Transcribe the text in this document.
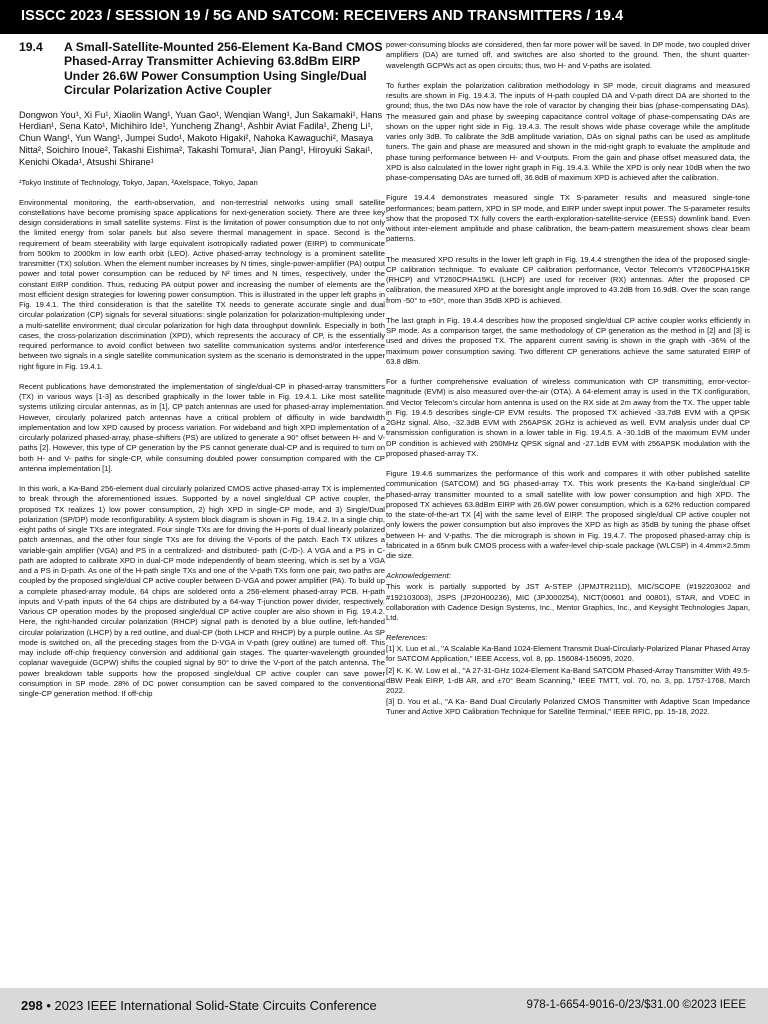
ISSCC 2023 / SESSION 19 / 5G AND SATCOM: RECEIVERS AND TRANSMITTERS / 19.4
19.4 A Small-Satellite-Mounted 256-Element Ka-Band CMOS Phased-Array Transmitter Achieving 63.8dBm EIRP Under 26.6W Power Consumption Using Single/Dual Circular Polarization Active Coupler

Dongwon You¹, Xi Fu¹, Xiaolin Wang¹, Yuan Gao¹, Wenqian Wang¹, Jun Sakamaki¹, Hans Herdian¹, Sena Kato¹, Michihiro Ide¹, Yuncheng Zhang¹, Ashbir Aviat Fadila¹, Zheng Li¹, Chun Wang¹, Yun Wang¹, Jumpei Sudo¹, Makoto Higaki², Nahoka Kawaguchi², Masaya Nitta², Soichiro Inoue², Takashi Eishima², Takashi Tomura¹, Jian Pang¹, Hiroyuki Sakai¹, Kenichi Okada¹, Atsushi Shirane¹

¹Tokyo Institute of Technology, Tokyo, Japan, ²Axelspace, Tokyo, Japan

Environmental monitoring, the earth-observation, and non-terrestrial networks using small satellite constellations have become promising space applications for next-generation society. There are three key design considerations in small satellite systems. First is the limitation of power consumption due to not only the limited energy from solar panels but also severe thermal management in space. Second is the requirement of beam steerability with large equivalent isotropically radiated power (EIRP) to communicate from 500km to 2000km in low earth orbit (LEO). Active phased-array technology is a prominent satellite transmitter (TX) solution. When the element number increases by N times, single-power-amplifier (PA) output power and total power consumption can be reduced by N² times and N times, respectively, under the constant EIRP condition. Thus, reducing PA output power and increasing the number of elements are the most efficient design strategies for lowering power consumption. This is illustrated in the upper left graphs in Fig. 19.4.1. The third consideration is that the satellite TX needs to generate accurate single and dual circular polarization (CP) signals for several situations: single polarization for polarization-multiplexing under a multi-satellite environment; dual circular polarization for high data throughput downlink. Especially in both cases, the cross-polarization discrimination (XPD), which represents the accuracy of CP, is the essentially required performance to avoid conflict between two satellite communication systems and/or interference between two signals in a single satellite communication system as the scenario is demonstrated in the upper right figure in Fig. 19.4.1.

Recent publications have demonstrated the implementation of single/dual-CP in phased-array transmitters (TX) in various ways [1-3] as described graphically in the lower table in Fig. 19.4.1. Like most satellite systems utilizing circular antennas, as in [1], CP patch antennas are used for phased-array implementation. However, circularly polarized patch antennas have a critical problem of difficulty in wide bandwidth implementation and low XPD caused by process variation. For wideband and high XPD implementation of a circularly polarized phased-array, phase-shifters (PS) are utilized to generate a 90° offset between H- and V-paths [2]. However, this type of CP generation by the PS cannot generate dual-CP and is required to turn on both H- and V- paths for single-CP, while consuming doubled power consumption compared with the CP antenna implementation [1].

In this work, a Ka-Band 256-element dual circularly polarized CMOS active phased-array TX is implemented to break through the aforementioned issues. Supported by a novel single/dual CP active coupler, the proposed TX realizes 1) low power consumption, 2) high XPD in single-CP mode, and 3) Single/Dual polarization (SP/DP) mode reconfigurability. A system block diagram is shown in Fig. 19.4.2. In a single chip, eight paths of single TXs are integrated. Four single TXs are for driving the H-ports of dual linearly polarized patch antennas, and the other four single TXs are for driving the V-ports of the patch. Each TX utilizes a variable-gain amplifier (VGA) and PS in a centralized- and distributed- path (C-/D-). A VGA and a PS in C-path are adopted to calibrate XPD in dual-CP mode independently of beam steering, which is set by a VGA and a PS in D-path. As one of the H-path single TXs and one of the V-path TXs form one pair, two paths are coupled by the proposed single/dual CP active coupler between D-VGA and power amplifier (PA). To build up a complete phased-array module, 64 chips are soldered onto a 256-element phased-array PCB. H-path inputs and V-path inputs of the 64 chips are distributed by a 64-way T-junction power divider, respectively. Various CP operation modes by the proposed single/dual CP active coupler are also shown in Fig. 19.4.2. Here, the right-handed circular polarization (RHCP) signal path is denoted by a blue outline, left-handed circular polarization (LHCP) by a red outline, and dual-CP (both LHCP and RHCP) by a purple outline. As SP mode is switched on, all the preceding stages from the D-VGA in V-path (grey outline) are turned off. This may include off-chip frequency conversion and additional gain stages. The quarter-wavelength grounded coplanar waveguide (GCPW) shifts the coupled signal by 90° to drive the V-port of the patch antenna. The power breakdown table supports how the proposed single/dual CP active coupler can save power consumption in SP mode. 28% of DC power consumption can be saved compared to the conventional single-CP generation method. If off-chip

power-consuming blocks are considered, then far more power will be saved. In DP mode, two coupled driver amplifiers (DA) are turned off, and switches are also shorted to the ground. Then, the shunt quarter-wavelength GCPWs act as open circuits; thus, two H- and V-paths are isolated.

To further explain the polarization calibration methodology in SP mode, circuit diagrams and measured results are shown in Fig. 19.4.3. The inputs of H-path coupled DA and V-path direct DA are shorted to the ground; thus, the two DAs now have the role of varactor by changing their bias (phase-compensating DAs). The measured gain and phase by sweeping capacitance control voltage of phase-compensating DAs are shown on the upper right side in Fig. 19.4.3. The result shows wide phase coverage while the amplitude varies only 3dB. To calibrate the 3dB amplitude variation, DAs on signal paths can be used as amplitude tuners. The gain and phase are measured and shown in the mid-right graph to evaluate the amplitude and phase tuning performance between H- and V-outputs. From the gain and phase offset measured data, the XPD is also calculated in the lower right graph in Fig. 19.4.3. While the XPD is only near 10dB when the two phase-compensating DAs are turned off, 36.8dB of maximum XPD is achieved after the calibration.

Figure 19.4.4 demonstrates measured single TX S-parameter results and measured single-tone performances; beam pattern, XPD in SP mode, and EIRP under swept input power. The S-parameter results show that the proposed TX fully covers the earth-exploration-satellite-service (EESS) downlink band. Even without inter-element amplitude and phase calibration, the beam-pattern measurement shows clear beam patterns.

The measured XPD results in the lower left graph in Fig. 19.4.4 strengthen the idea of the proposed single-CP calibration technique. To evaluate CP calibration performance, Vector Telecom's VT260CPHA15KR (RHCP) and VT260CPHA15KL (LHCP) are used for receiver (RX) antennas. After the proposed CP calibration, the measured XPD at the boresight angle improved to 43.2dB from 16.9dB. Over the scan range from -50° to +50°, more than 35dB XPD is achieved.

The last graph in Fig. 19.4.4 describes how the proposed single/dual CP active coupler works efficiently in SP mode. As a comparison target, the same methodology of CP generation as the method in [2] and [3] is used and drives the proposed TX. The apparent current saving is shown in the graph with -36% of the maximum power consumption saving. Two different CP generations achieve the same saturated EIRP of 63.8 dBm.

For a further comprehensive evaluation of wireless communication with CP transmitting, error-vector-magnitude (EVM) is also measured over-the-air (OTA). A 64-element array is used in the TX configuration, and Vector Telecom's circular horn antenna is used on the RX side at 2m away from the TX. The upper table in Fig. 19.4.5 describes single-CP EVM results. The proposed TX achieved -33.7dB EVM with a QPSK 2GHz signal. Also, -32.3dB EVM with 256APSK 2GHz is achieved as well. EVM analysis under dual CP transmission configuration is shown in a lower table in Fig. 19.4.5. A -30.1dB of the maximum EVM under DP condition is achieved with 250MHz QPSK signal and -27.1dB EVM with 256APSK modulation with the proposed phased-array TX.

Figure 19.4.6 summarizes the performance of this work and compares it with other published satellite communication (SATCOM) and 5G phased-array TX. This work presents the Ka-band single/dual CP phased-array transmitter mounted to a small satellite with low power consumption and high XPD. The proposed TX achieves 63.8dBm EIRP with 26.6W power consumption, which is a 62% reduction compared to the state-of-the-art TX [4] with the same level of EIRP. The proposed single/dual CP active coupler not only lowers the power consumption but also improves the XPD as high as 35dB by tuning the phase offset between H- and V-paths. The die micrograph is shown in Fig. 19.4.7. The proposed phased-array chip is fabricated in a 65nm bulk CMOS process with a wafer-level chip-scale package (WLCSP) in 4.4mm×2.5mm die size.

Acknowledgement:

This work is partially supported by JST A-STEP (JPMJTR211D), MIC/SCOPE (#192203002 and #192103003), JSPS (JP20H00236), MIC (JPJ000254), NICT(00601 and 00801), STAR, and VDEC in collaboration with Cadence Design Systems, Inc., Mentor Graphics, Inc., and Keysight Technologies Japan, Ltd.

References:

[1] X. Luo et al., "A Scalable Ka-Band 1024-Element Transmit Dual-Circularly-Polarized Planar Phased Array for SATCOM Application," IEEE Access, vol. 8, pp. 156084-156095, 2020.

[2] K. K. W. Low et al., "A 27-31-GHz 1024-Element Ka-Band SATCOM Phased-Array Transmitter With 49.5-dBW Peak EIRP, 1-dB AR, and ±70° Beam Scanning," IEEE TMTT, vol. 70, no. 3, pp. 1757-1768, March 2022.

[3] D. You et al., "A Ka- Band Dual Circularly Polarized CMOS Transmitter with Adaptive Scan Impedance Tuner and Active XPD Calibration Technique for Satellite Terminal," IEEE RFIC, pp. 15-18, 2022.

298 • 2023 IEEE International Solid-State Circuits Conference	978-1-6654-9016-0/23/$31.00 ©2023 IEEE
